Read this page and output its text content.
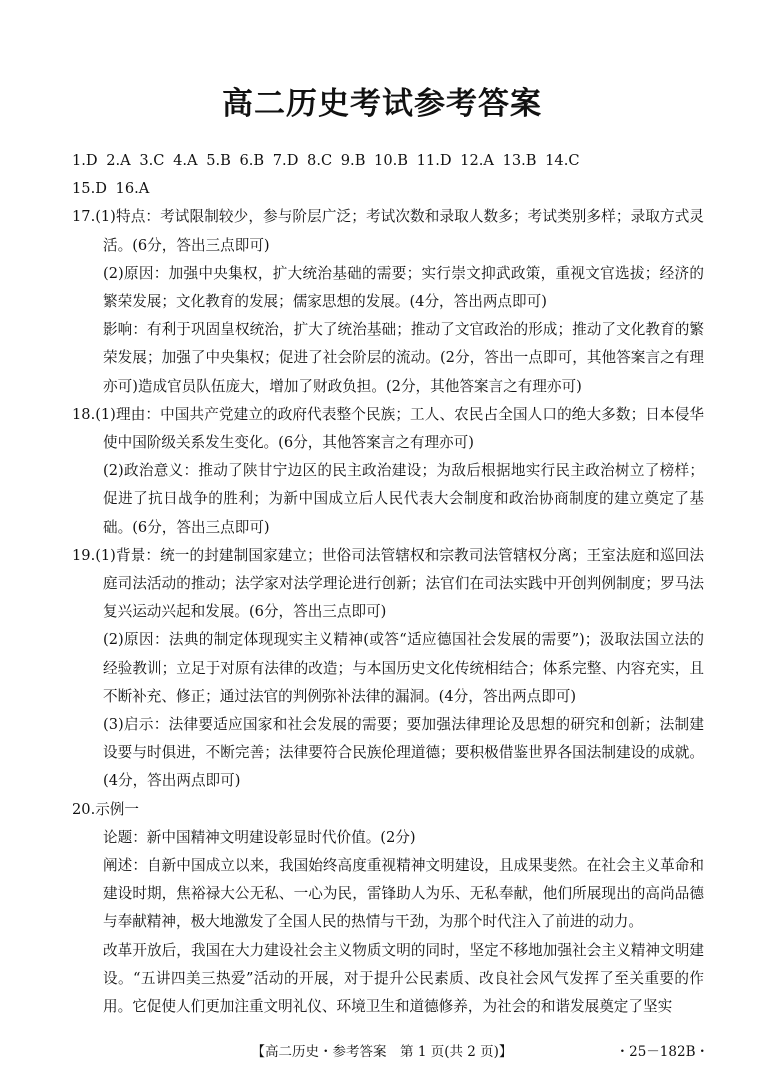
高二历史考试参考答案

1.D 2.A 3.C 4.A 5.B 6.B 7.D 8.C 9.B 10.B 11.D 12.A 13.B 14.C

15.D 16.A

17.(1)特点：考试限制较少，参与阶层广泛；考试次数和录取人数多；考试类别多样；录取方式灵活。(6分，答出三点即可)

(2)原因：加强中央集权，扩大统治基础的需要；实行崇文抑武政策，重视文官选拔；经济的繁荣发展；文化教育的发展；儒家思想的发展。(4分，答出两点即可)

影响：有利于巩固皇权统治，扩大了统治基础；推动了文官政治的形成；推动了文化教育的繁荣发展；加强了中央集权；促进了社会阶层的流动。(2分，答出一点即可，其他答案言之有理亦可)造成官员队伍庞大，增加了财政负担。(2分，其他答案言之有理亦可)

18.(1)理由：中国共产党建立的政府代表整个民族；工人、农民占全国人口的绝大多数；日本侵华使中国阶级关系发生变化。(6分，其他答案言之有理亦可)

(2)政治意义：推动了陕甘宁边区的民主政治建设；为敌后根据地实行民主政治树立了榜样；促进了抗日战争的胜利；为新中国成立后人民代表大会制度和政治协商制度的建立奠定了基础。(6分，答出三点即可)

19.(1)背景：统一的封建制国家建立；世俗司法管辖权和宗教司法管辖权分离；王室法庭和巡回法庭司法活动的推动；法学家对法学理论进行创新；法官们在司法实践中开创判例制度；罗马法复兴运动兴起和发展。(6分，答出三点即可)

(2)原因：法典的制定体现现实主义精神(或答“适应德国社会发展的需要”)；汲取法国立法的经验教训；立足于对原有法律的改造；与本国历史文化传统相结合；体系完整、内容充实，且不断补充、修正；通过法官的判例弥补法律的漏洞。(4分，答出两点即可)

(3)启示：法律要适应国家和社会发展的需要；要加强法律理论及思想的研究和创新；法制建设要与时俱进，不断完善；法律要符合民族伦理道德；要积极借鉴世界各国法制建设的成就。(4分，答出两点即可)

20.示例一

论题：新中国精神文明建设彰显时代价值。(2分)

阐述：自新中国成立以来，我国始终高度重视精神文明建设，且成果斐然。在社会主义革命和建设时期，焦裕禄大公无私、一心为民，雷锋助人为乐、无私奉献，他们所展现出的高尚品德与奉献精神，极大地激发了全国人民的热情与干劲，为那个时代注入了前进的动力。

改革开放后，我国在大力建设社会主义物质文明的同时，坚定不移地加强社会主义精神文明建设。“五讲四美三热爱”活动的开展，对于提升公民素质、改良社会风气发挥了至关重要的作用。它促使人们更加注重文明礼仪、环境卫生和道德修养，为社会的和谐发展奠定了坚实

【高二历史・参考答案　第 1 页(共 2 页)】	・25－182B・
